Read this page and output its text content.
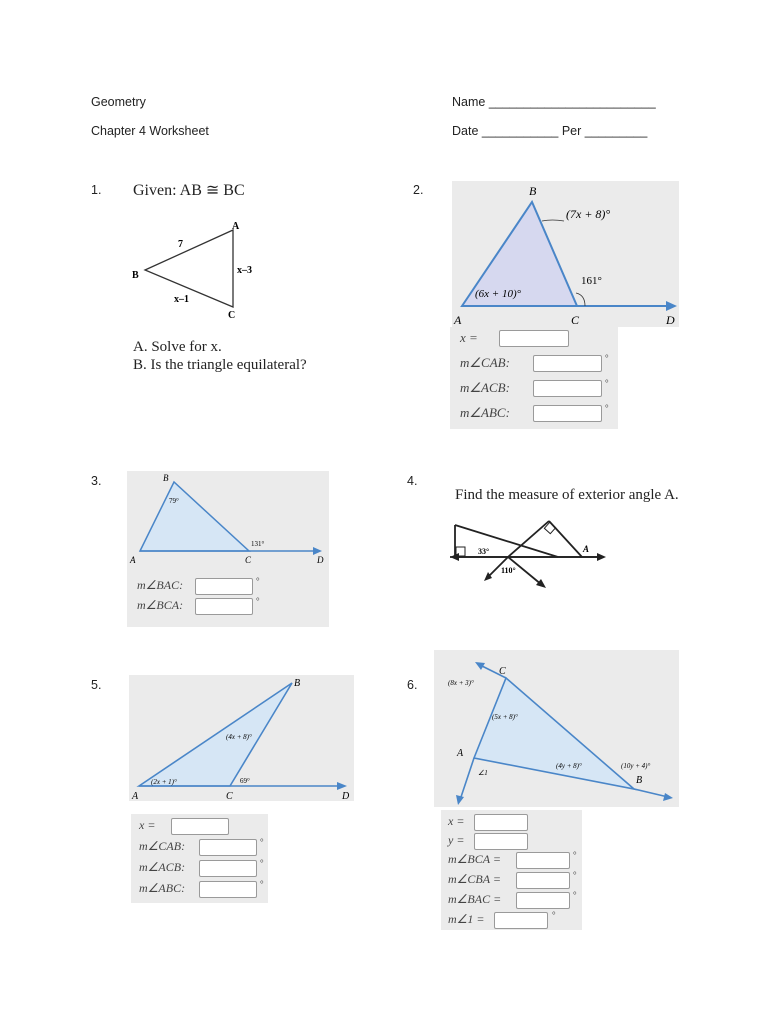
Geometry
Chapter 4 Worksheet
Name ________________________
Date ___________ Per _________
1. Given: AB ≅ BC
A
B
C
7
x–3
x–1
A. Solve for x.
B. Is the triangle equilateral?
2.	B
A	C	D
(7x + 8)°
(6x + 10)°
161°
x =
m∠CAB:	°
m∠ACB:	°
m∠ABC:	°
3.	B
A	C	D
79°
131°
m∠BAC:	°
m∠BCA:	°
4.
Find the measure of exterior angle A.
33°
110°
A
5.	B
A	C	D
(4x + 8)°
(2x + 1)°	69°
x =
m∠CAB:	°
m∠ACB:	°
m∠ABC:	°
6.
C
A
B
(8x + 3)°
(5x + 8)°
(4y + 8)°	(10y + 4)°
∠1
x =
y =
m∠BCA =	°
m∠CBA =	°
m∠BAC =	°
m∠1 =	°
